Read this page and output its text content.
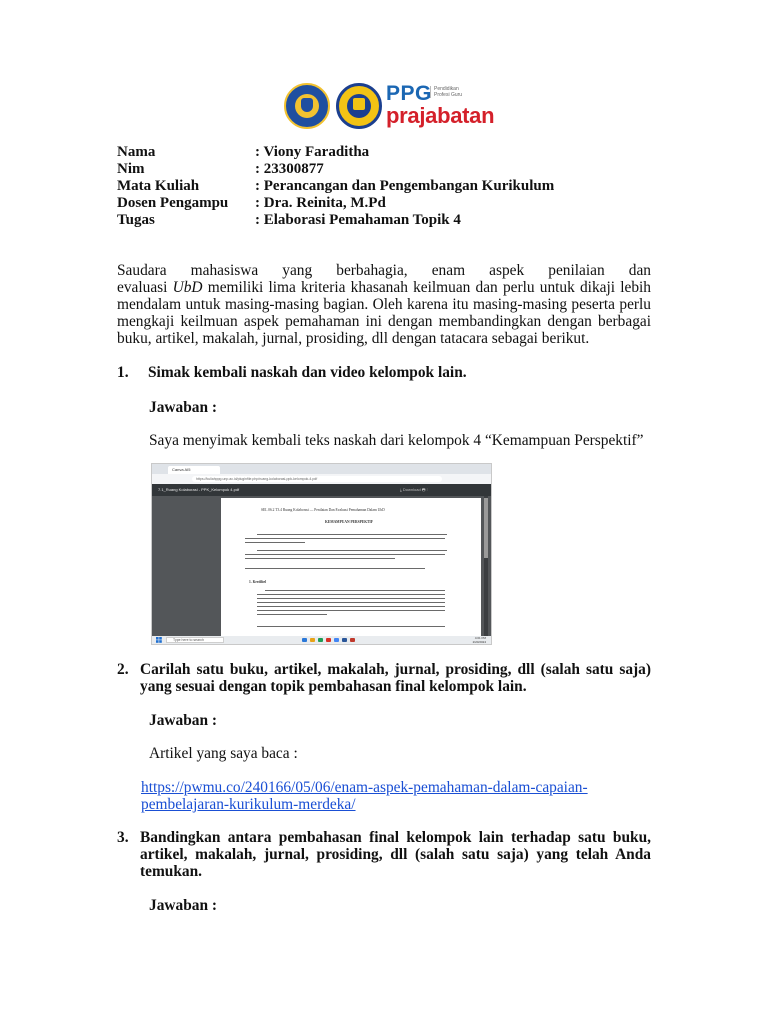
PPG Pendidikan Profesi Guru
prajabatan
Nama	: Viony Faraditha
Nim	: 23300877
Mata Kuliah	: Perancangan dan Pengembangan Kurikulum
Dosen Pengampu : Dra. Reinita, M.Pd
Tugas	: Elaborasi Pemahaman Topik 4
Saudara mahasiswa yang berbahagia, enam aspek penilaian dan
evaluasi UbD memiliki lima kriteria khasanah keilmuan dan perlu untuk dikaji lebih
mendalam untuk masing-masing bagian. Oleh karena itu masing-masing peserta perlu
mengkaji keilmuan aspek pemahaman ini dengan membandingkan dengan berbagai
buku, artikel, makalah, jurnal, prosiding, dll dengan tatacara sebagai berikut.
1. Simak kembali naskah dan video kelompok lain.
Jawaban :
Saya menyimak kembali teks naskah dari kelompok 4 “Kemampuan Perspektif”
Canva AI5
https://kuliahppg.unp.ac.id/pluginfile.php/ruang-kolaborasi-ppk-kelompok-4.pdf
7.1_Ruang Kolaborasi - PPK_Kelompok 4.pdf	⤓ Download 🖶 ⋮
SEL 06.2 T3.4 Ruang Kolaborasi — Penilaian Dan Evaluasi Pemahaman Dalam UbD
KEMAMPUAN PERSPEKTIF
1. Kredibel
Type here to search	4:01 PM
2/20/2024
2. Carilah satu buku, artikel, makalah, jurnal, prosiding, dll (salah satu saja)
yang sesuai dengan topik pembahasan final kelompok lain.
Jawaban :
Artikel yang saya baca :
https://pwmu.co/240166/05/06/enam-aspek-pemahaman-dalam-capaian-
pembelajaran-kurikulum-merdeka/
3. Bandingkan antara pembahasan final kelompok lain terhadap satu buku,
artikel, makalah, jurnal, prosiding, dll (salah satu saja) yang telah Anda
temukan.
Jawaban :
